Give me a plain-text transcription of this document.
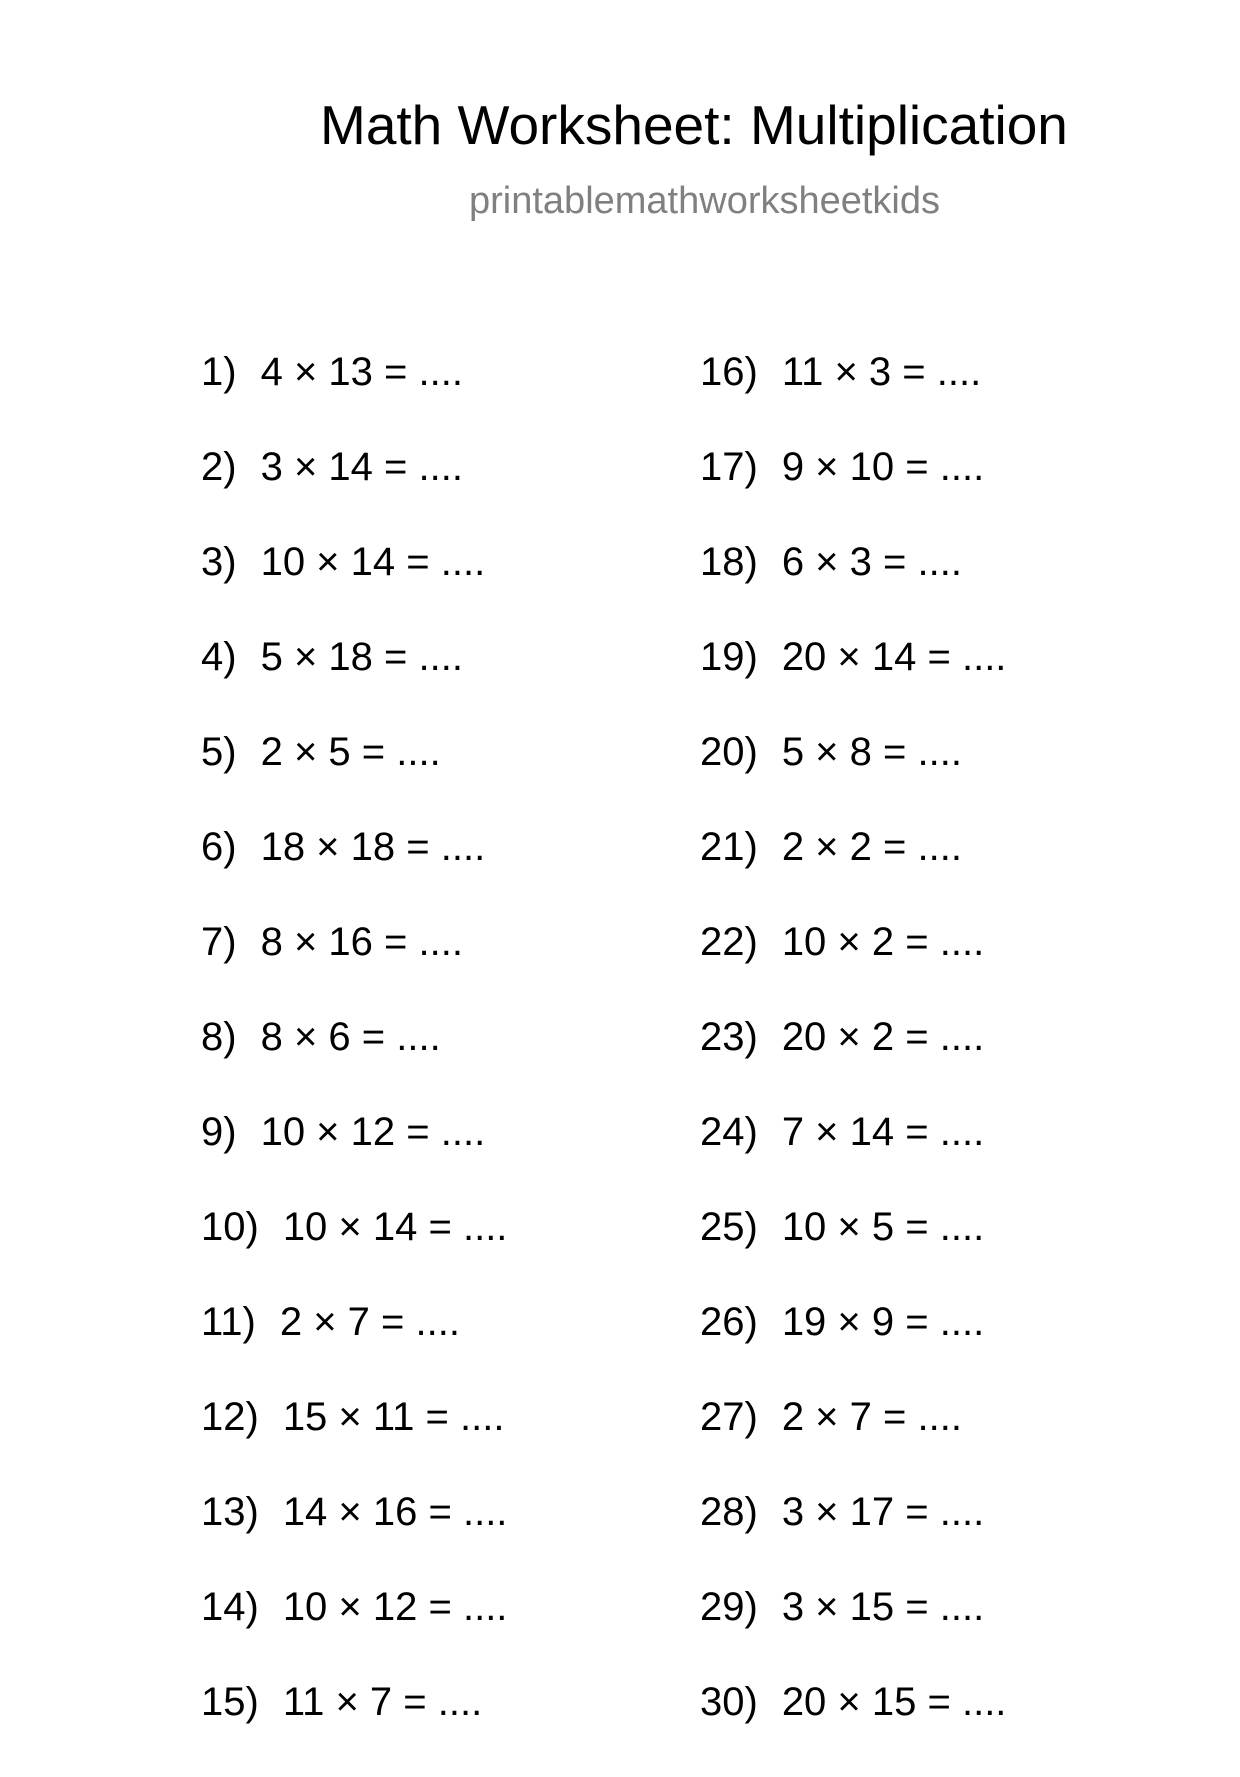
Math Worksheet: Multiplication
printablemathworksheetkids
1) 4 × 13 = ....
2) 3 × 14 = ....
3) 10 × 14 = ....
4) 5 × 18 = ....
5) 2 × 5 = ....
6) 18 × 18 = ....
7) 8 × 16 = ....
8) 8 × 6 = ....
9) 10 × 12 = ....
10) 10 × 14 = ....
11) 2 × 7 = ....
12) 15 × 11 = ....
13) 14 × 16 = ....
14) 10 × 12 = ....
15) 11 × 7 = ....
16) 11 × 3 = ....
17) 9 × 10 = ....
18) 6 × 3 = ....
19) 20 × 14 = ....
20) 5 × 8 = ....
21) 2 × 2 = ....
22) 10 × 2 = ....
23) 20 × 2 = ....
24) 7 × 14 = ....
25) 10 × 5 = ....
26) 19 × 9 = ....
27) 2 × 7 = ....
28) 3 × 17 = ....
29) 3 × 15 = ....
30) 20 × 15 = ....
